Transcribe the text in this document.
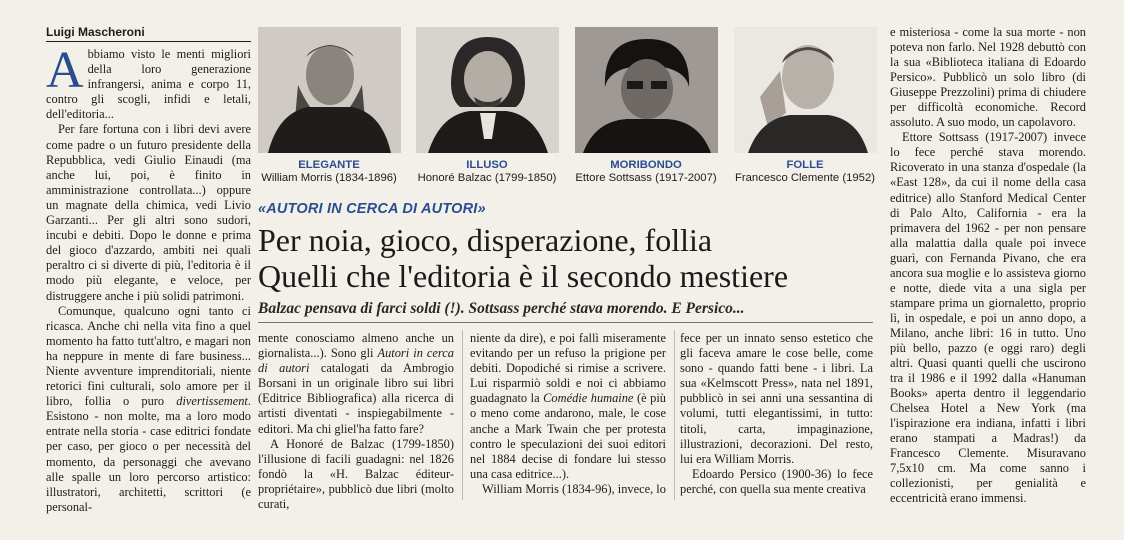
Luigi Mascheroni

Abbiamo visto le menti migliori della loro generazione infrangersi, anima e corpo 11, contro gli scogli, infidi e letali, dell'editoria...

Per fare fortuna con i libri devi avere come padre o un futuro presidente della Repubblica, vedi Giulio Einaudi (ma anche lui, poi, è finito in amministrazione controllata...) oppure un magnate della chimica, vedi Livio Garzanti... Per gli altri sono sudori, incubi e debiti. Dopo le donne e prima del gioco d'azzardo, ambiti nei quali peraltro ci si diverte di più, l'editoria è il modo più elegante, e veloce, per distruggere anche i più solidi patrimoni.

Comunque, qualcuno ogni tanto ci ricasca. Anche chi nella vita fino a quel momento ha fatto tutt'altro, e magari non ha neppure in mente di fare business... Niente avventure imprenditoriali, niente retorici fini culturali, solo amore per il libro, follia o puro divertissement. Esistono - non molte, ma a loro modo entrate nella storia - case editrici fondate per caso, per gioco o per necessità del momento, da personaggi che avevano alle spalle un loro percorso artistico: illustratori, architetti, scrittori (e personal-

ELEGANTE
William Morris (1834-1896)
ILLUSO
Honoré Balzac (1799-1850)
MORIBONDO
Ettore Sottsass (1917-2007)
FOLLE
Francesco Clemente (1952)
«AUTORI IN CERCA DI AUTORI»
Per noia, gioco, disperazione, follia
Quelli che l'editoria è il secondo mestiere
Balzac pensava di farci soldi (!). Sottsass perché stava morendo. E Persico...

mente conosciamo almeno anche un giornalista...). Sono gli Autori in cerca di autori catalogati da Ambrogio Borsani in un originale libro sui libri (Editrice Bibliografica) alla ricerca di artisti diventati - inspiegabilmente - editori. Ma chi gliel'ha fatto fare?

A Honoré de Balzac (1799-1850) l'illusione di facili guadagni: nel 1826 fondò la «H. Balzac éditeur-propriétaire», pubblicò due libri (molto curati,

niente da dire), e poi fallì miseramente evitando per un refuso la prigione per debiti. Dopodiché si rimise a scrivere. Lui risparmiò soldi e noi ci abbiamo guadagnato la Comédie humaine (è più o meno come andarono, male, le cose anche a Mark Twain che per protesta contro le speculazioni dei suoi editori nel 1884 decise di fondare lui stesso una casa editrice...).

William Morris (1834-96), invece, lo

fece per un innato senso estetico che gli faceva amare le cose belle, come sono - quando fatti bene - i libri. La sua «Kelmscott Press», nata nel 1891, pubblicò in sei anni una sessantina di volumi, tutti elegantissimi, in tutto: titoli, carta, impaginazione, illustrazioni, decorazioni. Del resto, lui era William Morris.

Edoardo Persico (1900-36) lo fece perché, con quella sua mente creativa

e misteriosa - come la sua morte - non poteva non farlo. Nel 1928 debuttò con la sua «Biblioteca italiana di Edoardo Persico». Pubblicò un solo libro (di Giuseppe Prezzolini) prima di chiudere per difficoltà economiche. Record assoluto. A suo modo, un capolavoro.

Ettore Sottsass (1917-2007) invece lo fece perché stava morendo. Ricoverato in una stanza d'ospedale (la «East 128», da cui il nome della casa editrice) allo Stanford Medical Center di Palo Alto, California - era la primavera del 1962 - per non pensare alla malattia dalla quale poi invece guarì, con Fernanda Pivano, che era ancora sua moglie e lo assisteva giorno e notte, diede vita a una sigla per stampare prima un giornaletto, proprio lì, in ospedale, e poi un anno dopo, a Milano, anche libri: 16 in tutto. Uno più bello, pazzo (e oggi raro) degli altri. Quasi quanti quelli che uscirono tra il 1986 e il 1992 dalla «Hanuman Books» aperta dentro il leggendario Chelsea Hotel a New York (ma l'ispirazione era indiana, infatti i libri erano stampati a Madras!) da Francesco Clemente. Misuravano 7,5x10 cm. Ma come sanno i collezionisti, per genialità e eccentricità erano immensi.
